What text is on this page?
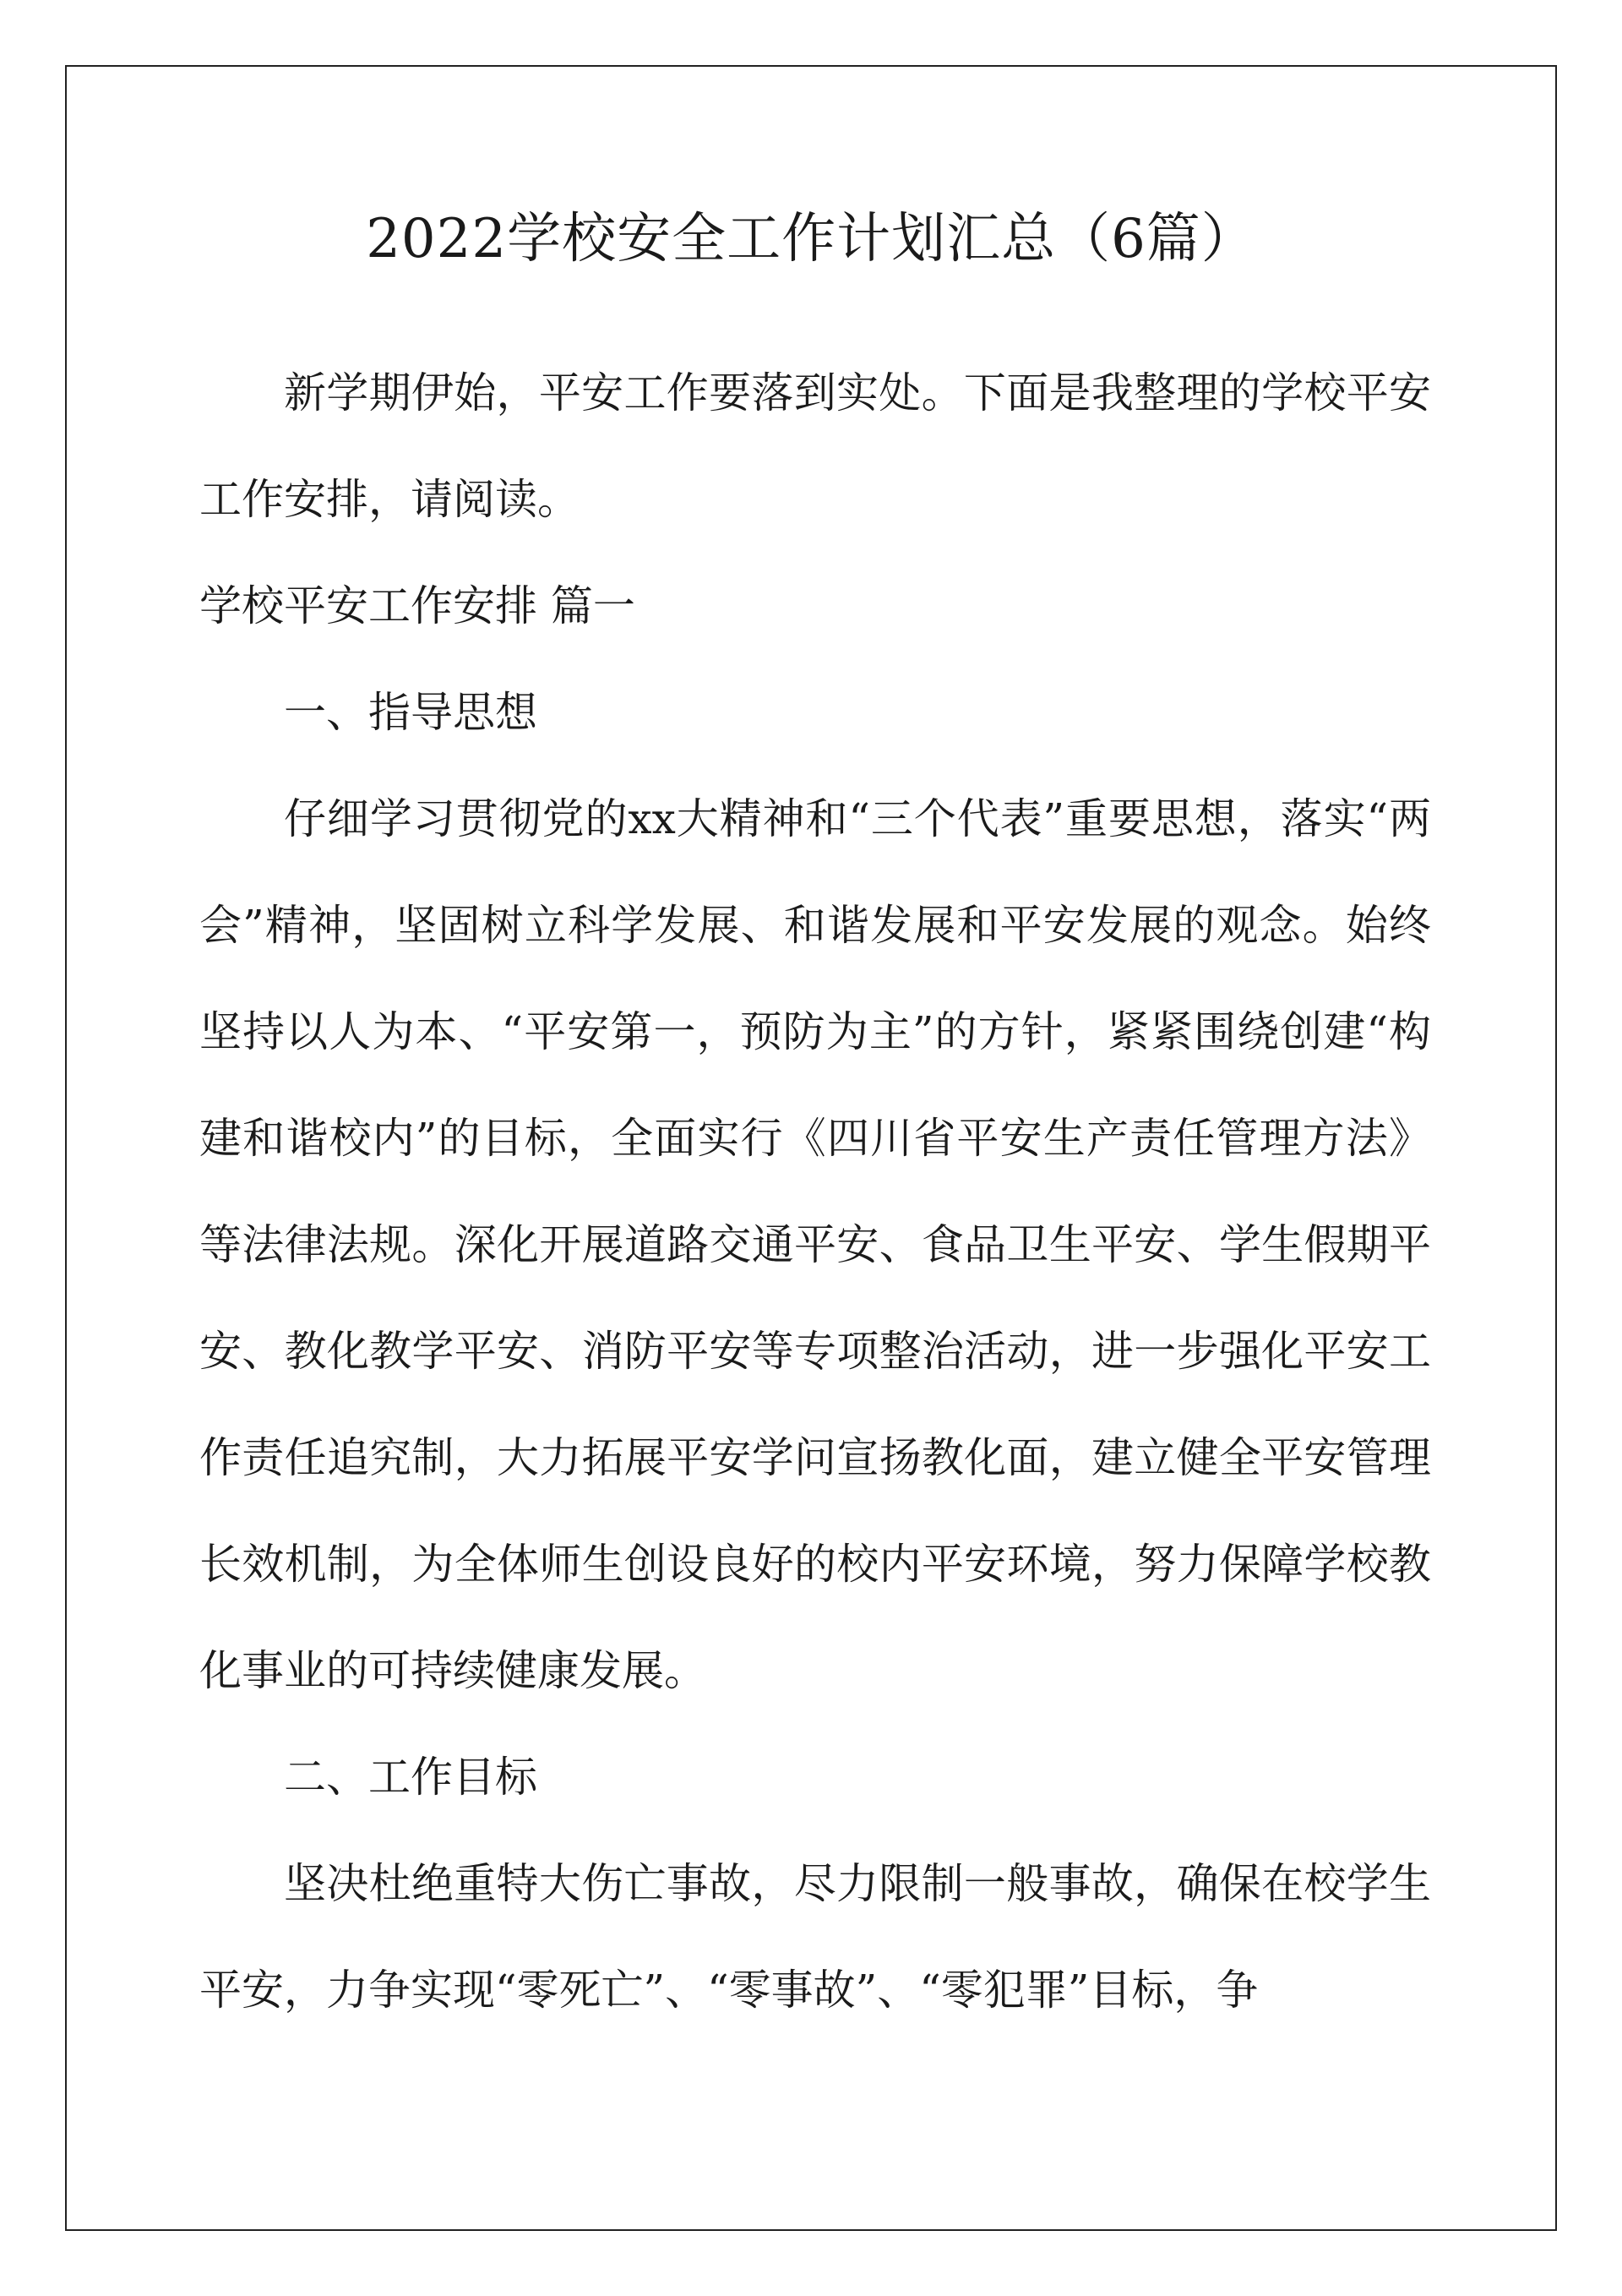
2022学校安全工作计划汇总（6篇）

新学期伊始，平安工作要落到实处。下面是我整理的学校平安工作安排，请阅读。

学校平安工作安排 篇一

一、指导思想

仔细学习贯彻党的xx大精神和“三个代表”重要思想，落实“两会”精神，坚固树立科学发展、和谐发展和平安发展的观念。始终坚持以人为本、“平安第一，预防为主”的方针，紧紧围绕创建“构建和谐校内”的目标，全面实行《四川省平安生产责任管理方法》等法律法规。深化开展道路交通平安、食品卫生平安、学生假期平安、教化教学平安、消防平安等专项整治活动，进一步强化平安工作责任追究制，大力拓展平安学问宣扬教化面，建立健全平安管理长效机制，为全体师生创设良好的校内平安环境，努力保障学校教化事业的可持续健康发展。

二、工作目标

坚决杜绝重特大伤亡事故，尽力限制一般事故，确保在校学生平安，力争实现“零死亡”、“零事故”、“零犯罪”目标，争
